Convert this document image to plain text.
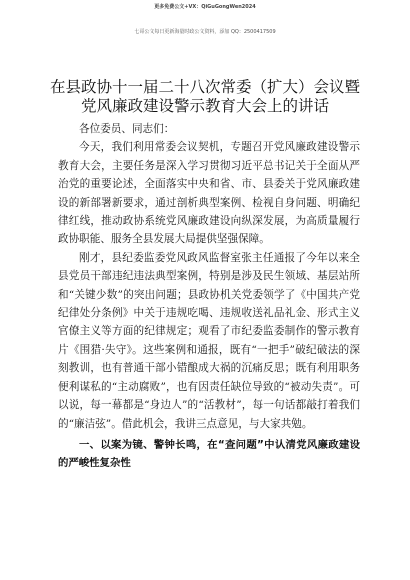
更多免费公文+VX：QiGuGongWen2024
七哥公文每日更新海量时政公文资料，添加 QQ：2500417509
在县政协十一届二十八次常委（扩大）会议暨
党风廉政建设警示教育大会上的讲话

各位委员、同志们：

今天，我们利用常委会议契机，专题召开党风廉政建设警示教育大会，主要任务是深入学习贯彻习近平总书记关于全面从严治党的重要论述，全面落实中央和省、市、县委关于党风廉政建设的新部署新要求，通过剖析典型案例、检视自身问题、明确纪律红线，推动政协系统党风廉政建设向纵深发展，为高质量履行政协职能、服务全县发展大局提供坚强保障。

刚才，县纪委监委党风政风监督室张主任通报了今年以来全县党员干部违纪违法典型案例，特别是涉及民生领域、基层站所和“关键少数”的突出问题；县政协机关党委领学了《中国共产党纪律处分条例》中关于违规吃喝、违规收送礼品礼金、形式主义官僚主义等方面的纪律规定；观看了市纪委监委制作的警示教育片《围猎·失守》。这些案例和通报，既有“一把手”破纪破法的深刻教训，也有普通干部小错酿成大祸的沉痛反思；既有利用职务便利谋私的“主动腐败”，也有因责任缺位导致的“被动失责”。可以说，每一幕都是“身边人”的“活教材”，每一句话都敲打着我们的“廉洁弦”。借此机会，我讲三点意见，与大家共勉。

一、以案为镜、警钟长鸣，在“查问题”中认清党风廉政建设的严峻性复杂性
